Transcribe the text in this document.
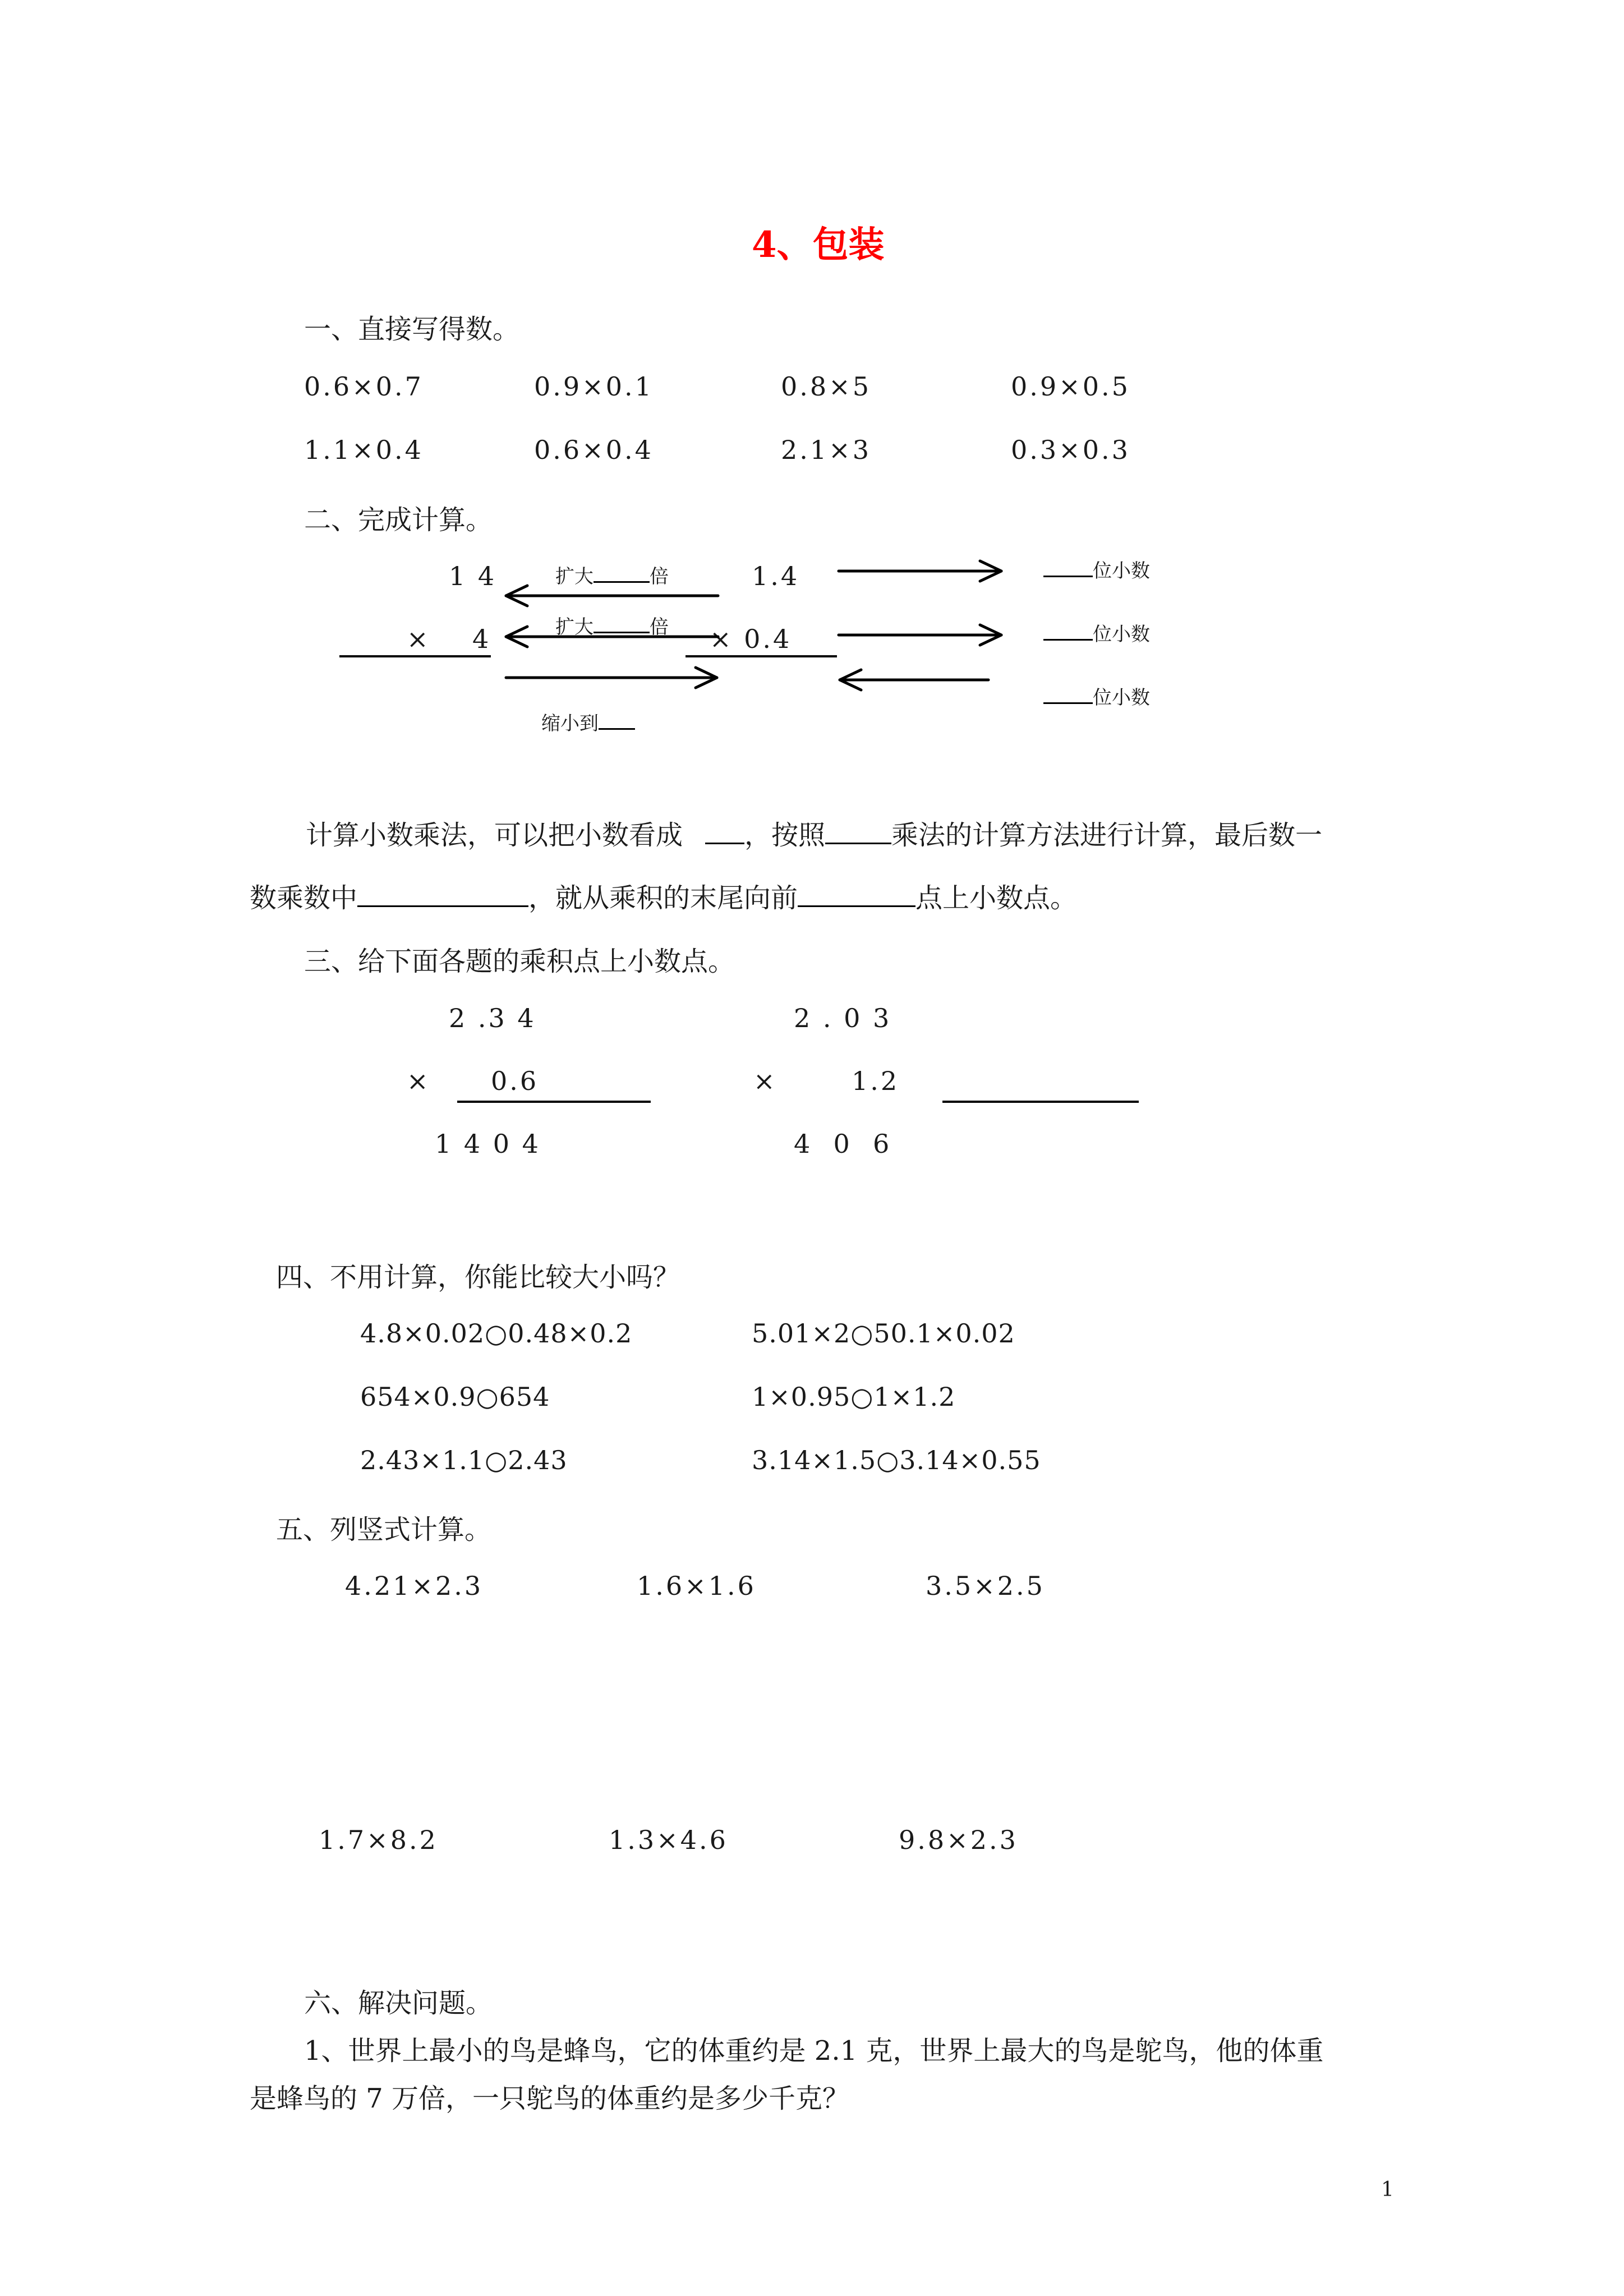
4、包装
一、直接写得数。
0.6×0.7	0.9×0.1	0.8×5	0.9×0.5
1.1×0.4	0.6×0.4	2.1×3	0.3×0.3
二、完成计算。
1 4
×    4
1.4
× 0.4
扩大	倍
扩大	倍
缩小到
位小数
位小数
位小数
计算小数乘法，可以把小数看成 ，按照 乘法的计算方法进行计算，最后数一
数乘数中	，就从乘积的末尾向前	点上小数点。
三、给下面各题的乘积点上小数点。
2 .3 4
× 0.6
1 4 0 4
2 . 0 3
×	1.2
4  0  6
四、不用计算，你能比较大小吗？
4.8×0.02○0.48×0.2	5.01×2○50.1×0.02
654×0.9○654	1×0.95○1×1.2
2.43×1.1○2.43	3.14×1.5○3.14×0.55
五、列竖式计算。
4.21×2.3	1.6×1.6	3.5×2.5
1.7×8.2	1.3×4.6	9.8×2.3
六、解决问题。
1、世界上最小的鸟是蜂鸟，它的体重约是 2.1 克，世界上最大的鸟是鸵鸟，他的体重
是蜂鸟的 7 万倍，一只鸵鸟的体重约是多少千克？
1
